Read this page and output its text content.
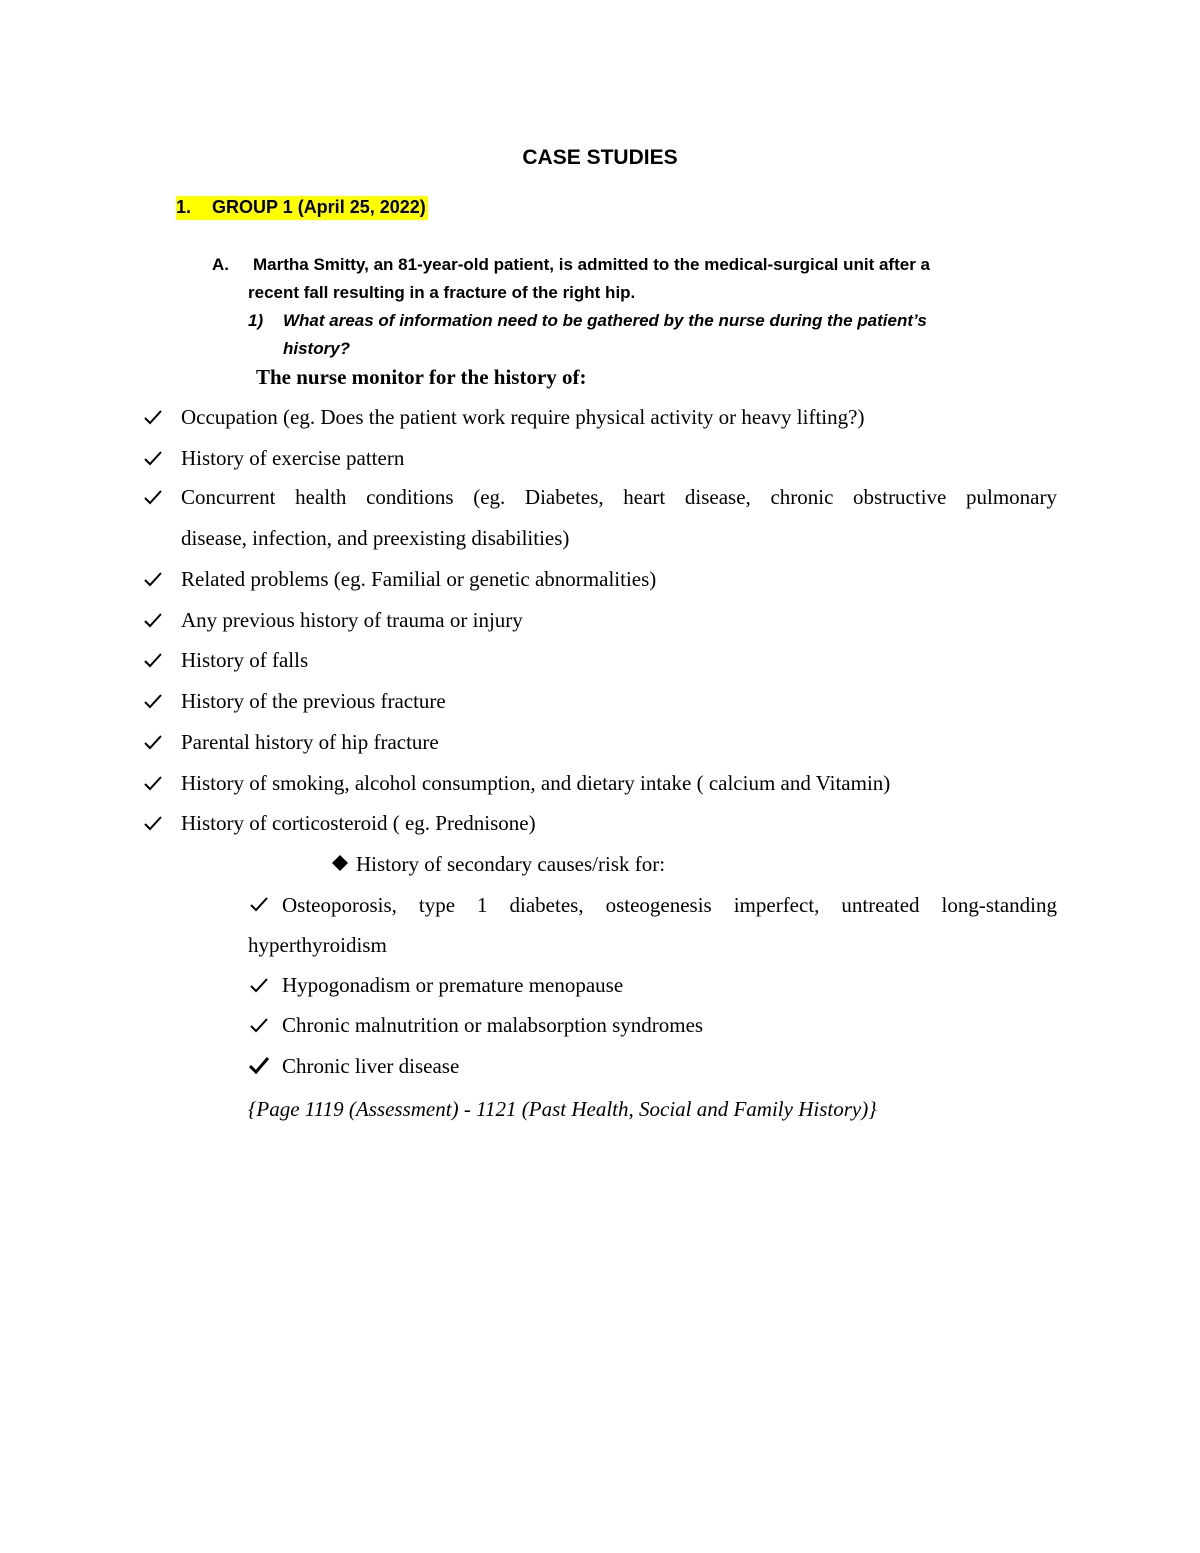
CASE STUDIES
1. GROUP 1 (April 25, 2022)
A. Martha Smitty, an 81-year-old patient, is admitted to the medical-surgical unit after a
recent fall resulting in a fracture of the right hip.
1) What areas of information need to be gathered by the nurse during the patient’s
history?
The nurse monitor for the history of:
Occupation (eg. Does the patient work require physical activity or heavy lifting?)
History of exercise pattern
Concurrent health conditions (eg. Diabetes, heart disease, chronic obstructive pulmonary
disease, infection, and preexisting disabilities)
Related problems (eg. Familial or genetic abnormalities)
Any previous history of trauma or injury
History of falls
History of the previous fracture
Parental history of hip fracture
History of smoking, alcohol consumption, and dietary intake ( calcium and Vitamin)
History of corticosteroid ( eg. Prednisone)
History of secondary causes/risk for:
Osteoporosis, type 1 diabetes, osteogenesis imperfect, untreated long-standing
hyperthyroidism
Hypogonadism or premature menopause
Chronic malnutrition or malabsorption syndromes
Chronic liver disease
{Page 1119 (Assessment) - 1121 (Past Health, Social and Family History)}
